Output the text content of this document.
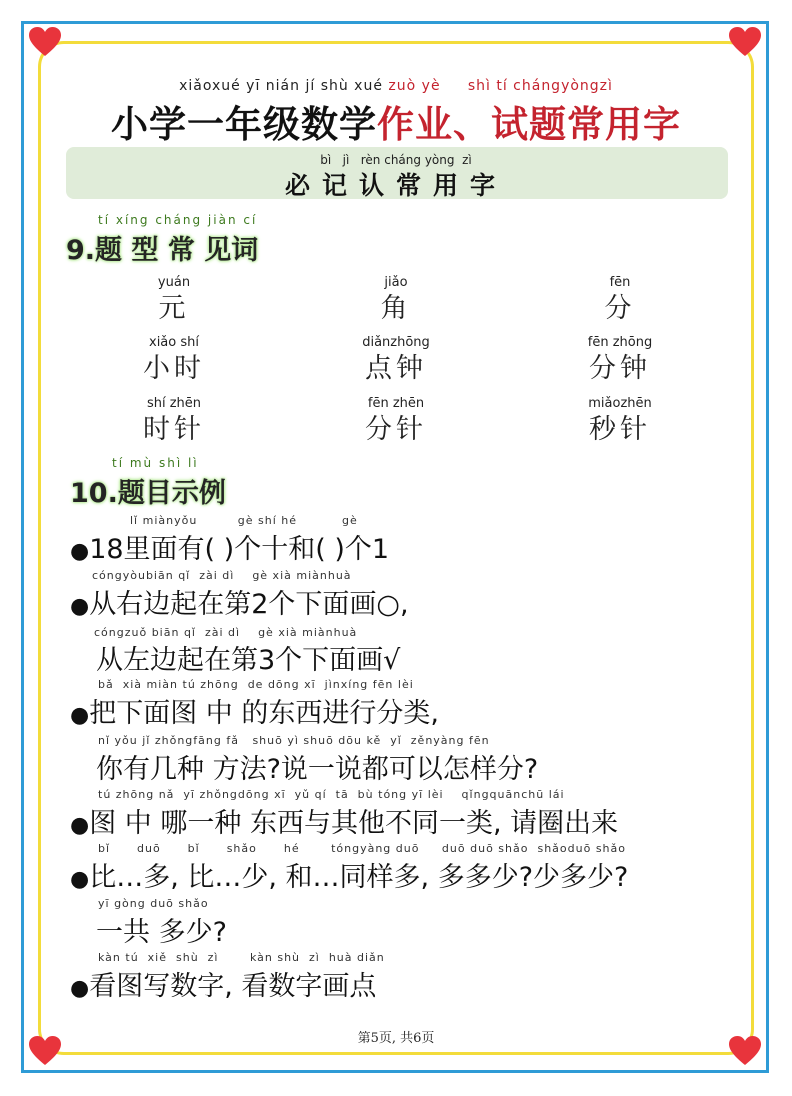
xiǎoxué yī nián jí shù xué zuò yè shì tí chángyòngzì
小学一年级数学作业、试题常用字
bì   jì   rèn cháng yòng  zì
必记认常用字
tí xíng cháng jiàn cí
9.题 型 常 见词
yuán
元
jiǎo
角
fēn
分
xiǎo shí
小时
diǎnzhōng
点钟
fēn zhōng
分钟
shí zhēn
时针
fēn zhēn
分针
miǎozhēn
秒针
tí mù shì lì
10.题目示例
lǐ miànyǒu         gè shí hé          gè
●18里面有( )个十和( )个1
cóngyòubiān qǐ  zài dì    gè xià miànhuà
●从右边起在第2个下面画○,
cóngzuǒ biān qǐ  zài dì    gè xià miànhuà
从左边起在第3个下面画√
bǎ  xià miàn tú zhōng  de dōng xī  jìnxíng fēn lèi
●把下面图 中 的东西进行分类,
nǐ yǒu jǐ zhǒngfāng fǎ   shuō yì shuō dōu kě  yǐ  zěnyàng fēn
你有几种 方法?说一说都可以怎样分?
tú zhōng nǎ  yī zhǒngdōng xī  yǔ qí  tā  bù tóng yī lèi    qǐngquānchū lái
●图 中 哪一种 东西与其他不同一类, 请圈出来
bǐ      duō      bǐ      shǎo      hé       tóngyàng duō     duō duō shǎo  shǎoduō shǎo
●比…多, 比…少, 和…同样多, 多多少?少多少?
yī gòng duō shǎo
一共 多少?
kàn tú  xiě  shù  zì       kàn shù  zì  huà diǎn
●看图写数字, 看数字画点
第5页, 共6页
